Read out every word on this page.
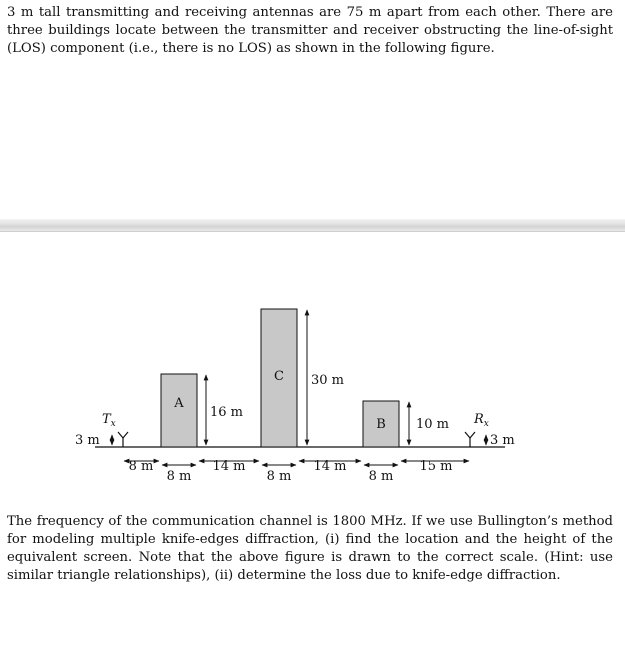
3 m tall transmitting and receiving antennas are 75 m apart from each other. There are three buildings locate between the transmitter and receiver obstructing the line-of-sight (LOS) component (i.e., there is no LOS) as shown in the following figure.

A
C
B
16 m
30 m
10 m
$T_x$
3 m
$R_x$
3 m
8 m
8 m
14 m
8 m
14 m
8 m
15 m

The frequency of the communication channel is 1800 MHz. If we use Bullington’s method for modeling multiple knife-edges diffraction, (i) find the location and the height of the equivalent screen. Note that the above figure is drawn to the correct scale. (Hint: use similar triangle relationships), (ii) determine the loss due to knife-edge diffraction.
